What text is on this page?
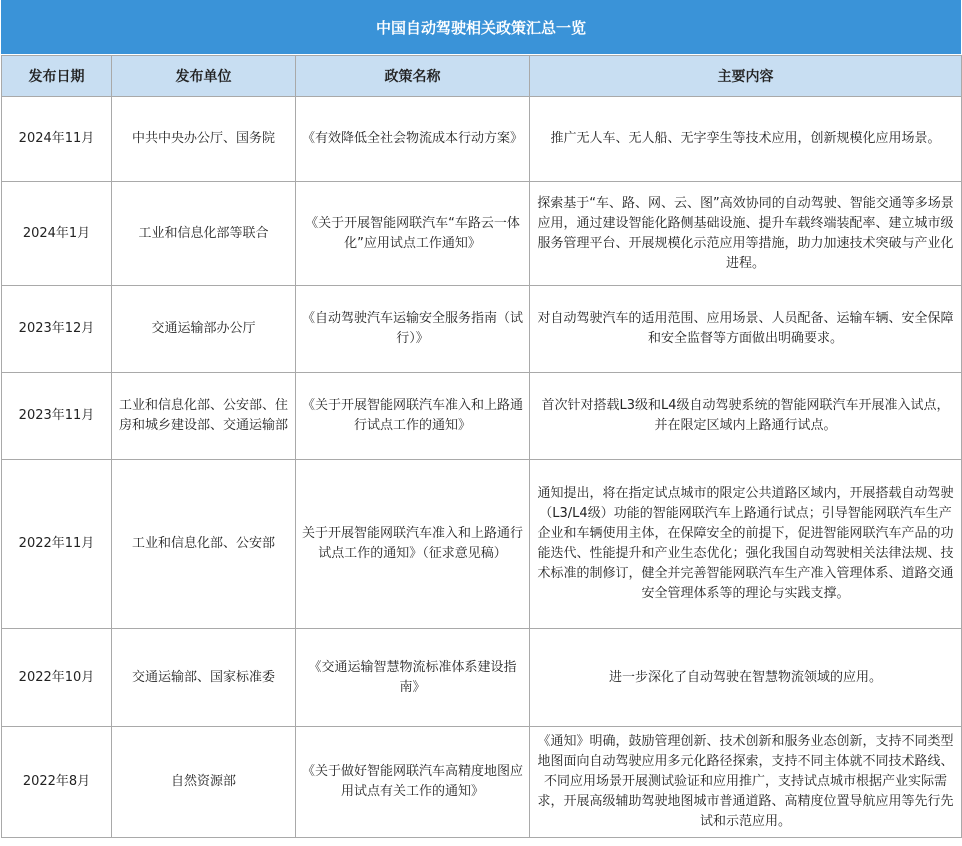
中国自动驾驶相关政策汇总一览
发布日期	发布单位	政策名称	主要内容
2024年11月	中共中央办公厅、国务院	《有效降低全社会物流成本行动方案》	推广无人车、无人船、无字孪生等技术应用，创新规模化应用场景。
2024年1月	工业和信息化部等联合	《关于开展智能网联汽车“车路云一体化”应用试点工作通知》	探索基于“车、路、网、云、图”高效协同的自动驾驶、智能交通等多场景应用，通过建设智能化路侧基础设施、提升车载终端装配率、建立城市级服务管理平台、开展规模化示范应用等措施，助力加速技术突破与产业化进程。
2023年12月	交通运输部办公厅	《自动驾驶汽车运输安全服务指南（试行）》	对自动驾驶汽车的适用范围、应用场景、人员配备、运输车辆、安全保障和安全监督等方面做出明确要求。
2023年11月	工业和信息化部、公安部、住房和城乡建设部、交通运输部	《关于开展智能网联汽车准入和上路通行试点工作的通知》	首次针对搭载L3级和L4级自动驾驶系统的智能网联汽车开展准入试点，并在限定区域内上路通行试点。
2022年11月	工业和信息化部、公安部	关于开展智能网联汽车准入和上路通行试点工作的通知》（征求意见稿）	通知提出，将在指定试点城市的限定公共道路区域内，开展搭载自动驾驶（L3/L4级）功能的智能网联汽车上路通行试点；引导智能网联汽车生产企业和车辆使用主体，在保障安全的前提下，促进智能网联汽车产品的功能迭代、性能提升和产业生态优化；强化我国自动驾驶相关法律法规、技术标准的制修订，健全并完善智能网联汽车生产准入管理体系、道路交通安全管理体系等的理论与实践支撑。
2022年10月	交通运输部、国家标准委	《交通运输智慧物流标准体系建设指南》	进一步深化了自动驾驶在智慧物流领域的应用。
2022年8月	自然资源部	《关于做好智能网联汽车高精度地图应用试点有关工作的通知》	《通知》明确，鼓励管理创新、技术创新和服务业态创新，支持不同类型地图面向自动驾驶应用多元化路径探索，支持不同主体就不同技术路线、不同应用场景开展测试验证和应用推广，支持试点城市根据产业实际需求，开展高级辅助驾驶地图城市普通道路、高精度位置导航应用等先行先试和示范应用。
